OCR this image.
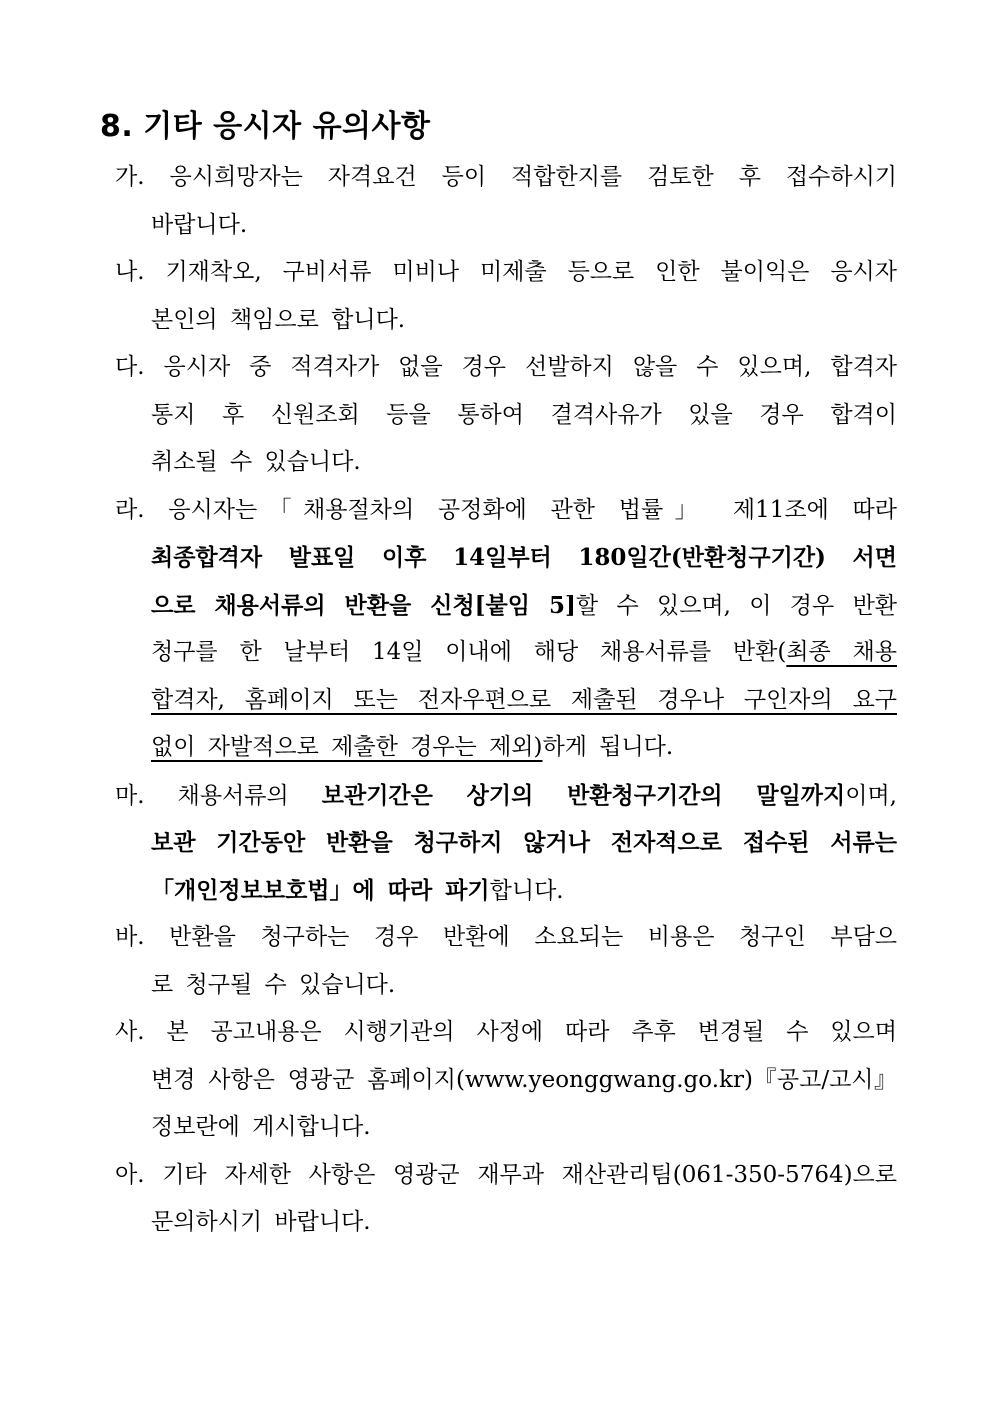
8. 기타 응시자 유의사항
가. 응시희망자는 자격요건 등이 적합한지를 검토한 후 접수하시기
바랍니다.
나. 기재착오, 구비서류 미비나 미제출 등으로 인한 불이익은 응시자
본인의 책임으로 합니다.
다. 응시자 중 적격자가 없을 경우 선발하지 않을 수 있으며, 합격자
통지 후 신원조회 등을 통하여 결격사유가 있을 경우 합격이
취소될 수 있습니다.
라. 응시자는「채용절차의 공정화에 관한 법률」 제11조에 따라
최종합격자 발표일 이후 14일부터 180일간(반환청구기간) 서면
으로 채용서류의 반환을 신청[붙임 5]할 수 있으며, 이 경우 반환
청구를 한 날부터 14일 이내에 해당 채용서류를 반환(최종 채용
합격자, 홈페이지 또는 전자우편으로 제출된 경우나 구인자의 요구
없이 자발적으로 제출한 경우는 제외)하게 됩니다.
마. 채용서류의 보관기간은 상기의 반환청구기간의 말일까지이며,
보관 기간동안 반환을 청구하지 않거나 전자적으로 접수된 서류는
「개인정보보호법」에 따라 파기합니다.
바. 반환을 청구하는 경우 반환에 소요되는 비용은 청구인 부담으
로 청구될 수 있습니다.
사. 본 공고내용은 시행기관의 사정에 따라 추후 변경될 수 있으며
변경 사항은 영광군 홈페이지(www.yeonggwang.go.kr)『공고/고시』
정보란에 게시합니다.
아. 기타 자세한 사항은 영광군 재무과 재산관리팀(061-350-5764)으로
문의하시기 바랍니다.
